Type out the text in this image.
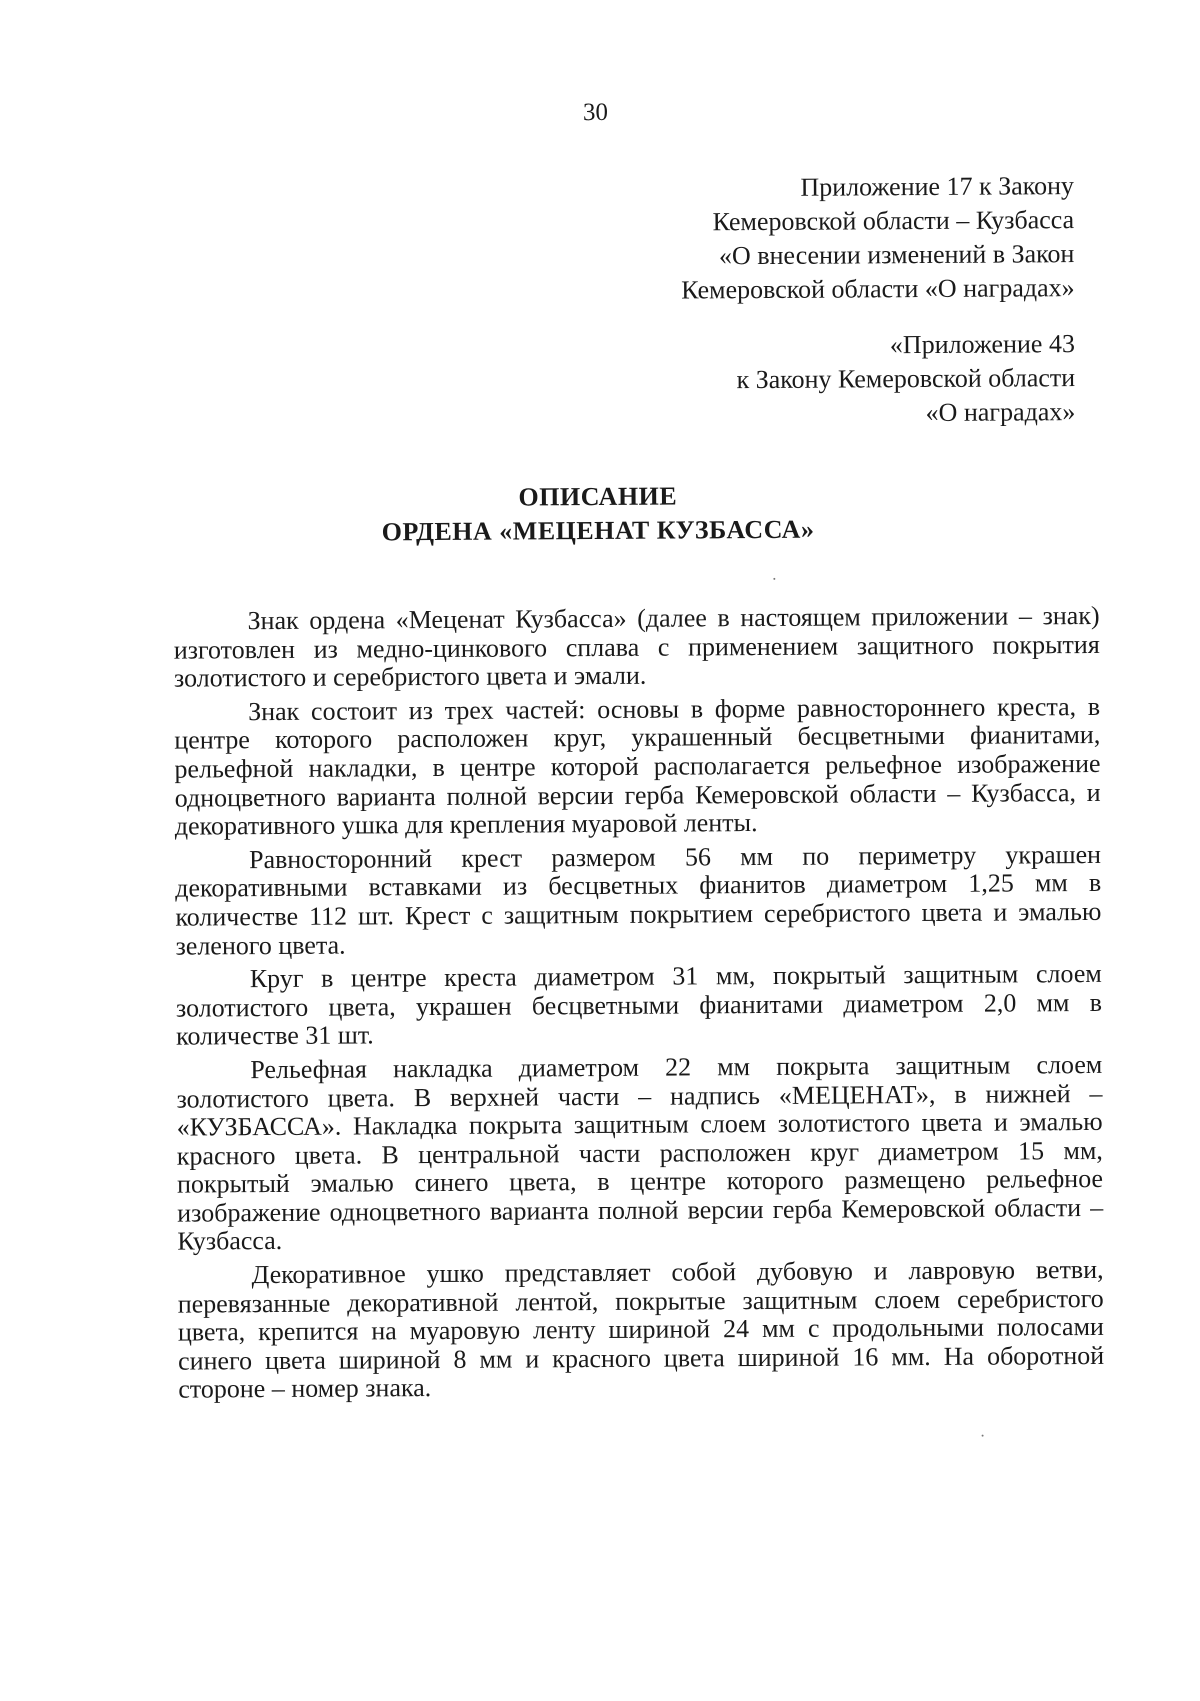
30
Приложение 17 к Закону
Кемеровской области – Кузбасса
«О внесении изменений в Закон
Кемеровской области «О наградах»
«Приложение 43
к Закону Кемеровской области
«О наградах»
ОПИСАНИЕ
ОРДЕНА «МЕЦЕНАТ КУЗБАССА»

Знак ордена «Меценат Кузбасса» (далее в настоящем приложении – знак) изготовлен из медно-цинкового сплава с применением защитного покрытия золотистого и серебристого цвета и эмали.

Знак состоит из трех частей: основы в форме равностороннего креста, в центре которого расположен круг, украшенный бесцветными фианитами, рельефной накладки, в центре которой располагается рельефное изображение одноцветного варианта полной версии герба Кемеровской области – Кузбасса, и декоративного ушка для крепления муаровой ленты.

Равносторонний крест размером 56 мм по периметру украшен декоративными вставками из бесцветных фианитов диаметром 1,25 мм в количестве 112 шт. Крест с защитным покрытием серебристого цвета и эмалью зеленого цвета.

Круг в центре креста диаметром 31 мм, покрытый защитным слоем золотистого цвета, украшен бесцветными фианитами диаметром 2,0 мм в количестве 31 шт.

Рельефная накладка диаметром 22 мм покрыта защитным слоем золотистого цвета. В верхней части – надпись «МЕЦЕНАТ», в нижней – «КУЗБАССА». Накладка покрыта защитным слоем золотистого цвета и эмалью красного цвета. В центральной части расположен круг диаметром 15 мм, покрытый эмалью синего цвета, в центре которого размещено рельефное изображение одноцветного варианта полной версии герба Кемеровской области – Кузбасса.

Декоративное ушко представляет собой дубовую и лавровую ветви, перевязанные декоративной лентой, покрытые защитным слоем серебристого цвета, крепится на муаровую ленту шириной 24 мм с продольными полосами синего цвета шириной 8 мм и красного цвета шириной 16 мм. На оборотной стороне – номер знака.
